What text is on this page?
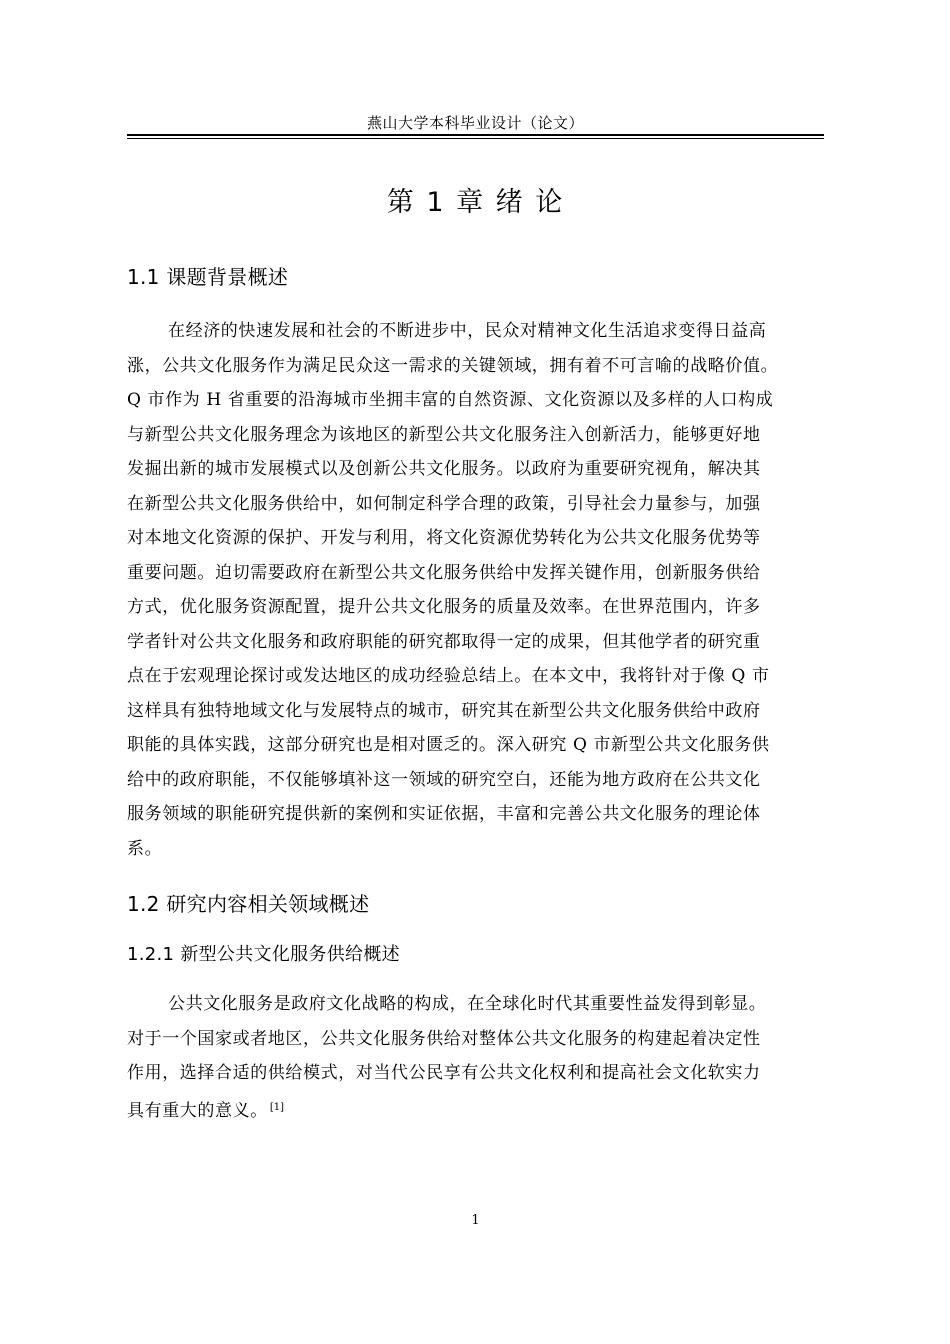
燕山大学本科毕业设计（论文）
第 1 章 绪 论
1.1 课题背景概述
在经济的快速发展和社会的不断进步中，民众对精神文化生活追求变得日益高
涨，公共文化服务作为满足民众这一需求的关键领域，拥有着不可言喻的战略价值。
Q 市作为 H 省重要的沿海城市坐拥丰富的自然资源、文化资源以及多样的人口构成
与新型公共文化服务理念为该地区的新型公共文化服务注入创新活力，能够更好地
发掘出新的城市发展模式以及创新公共文化服务。以政府为重要研究视角，解决其
在新型公共文化服务供给中，如何制定科学合理的政策，引导社会力量参与，加强
对本地文化资源的保护、开发与利用，将文化资源优势转化为公共文化服务优势等
重要问题。迫切需要政府在新型公共文化服务供给中发挥关键作用，创新服务供给
方式，优化服务资源配置，提升公共文化服务的质量及效率。在世界范围内，许多
学者针对公共文化服务和政府职能的研究都取得一定的成果，但其他学者的研究重
点在于宏观理论探讨或发达地区的成功经验总结上。在本文中，我将针对于像 Q 市
这样具有独特地域文化与发展特点的城市，研究其在新型公共文化服务供给中政府
职能的具体实践，这部分研究也是相对匮乏的。深入研究 Q 市新型公共文化服务供
给中的政府职能，不仅能够填补这一领域的研究空白，还能为地方政府在公共文化
服务领域的职能研究提供新的案例和实证依据，丰富和完善公共文化服务的理论体
系。
1.2 研究内容相关领域概述
1.2.1 新型公共文化服务供给概述
公共文化服务是政府文化战略的构成，在全球化时代其重要性益发得到彰显。
对于一个国家或者地区，公共文化服务供给对整体公共文化服务的构建起着决定性
作用，选择合适的供给模式，对当代公民享有公共文化权利和提高社会文化软实力
具有重大的意义。 [1]
1
